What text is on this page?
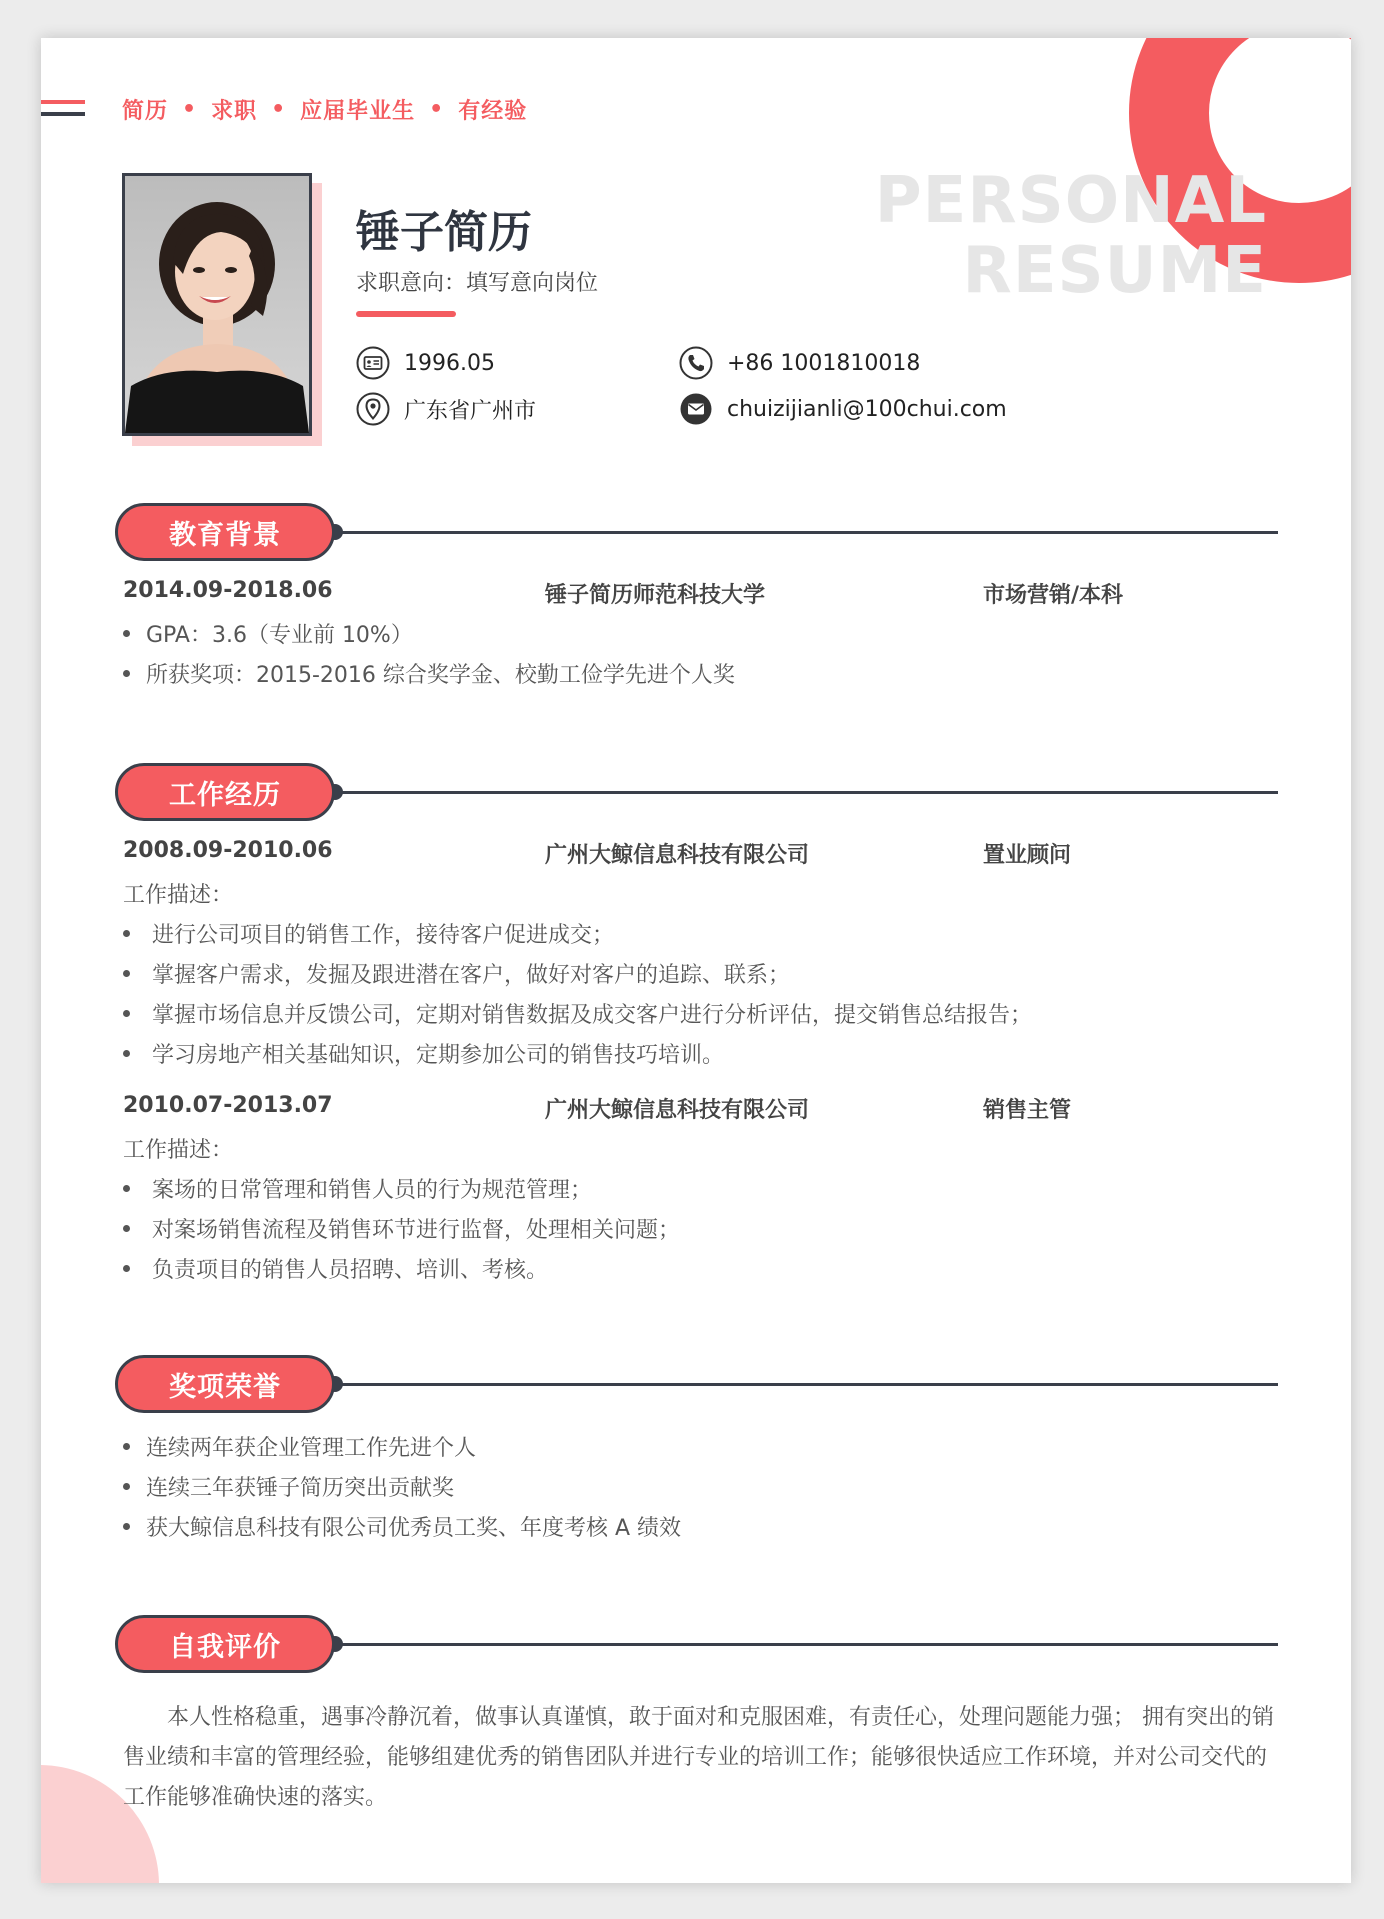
简历 • 求职 • 应届毕业生 • 有经验
PERSONAL
RESUME
锤子简历
求职意向：填写意向岗位
1996.05	+86 1001810018
广东省广州市	chuizijianli@100chui.com
教育背景
2014.09-2018.06	锤子简历师范科技大学	市场营销/本科
GPA：3.6（专业前 10%）
所获奖项：2015-2016 综合奖学金、校勤工俭学先进个人奖
工作经历
2008.09-2010.06	广州大鲸信息科技有限公司	置业顾问
工作描述：
进行公司项目的销售工作，接待客户促进成交；
掌握客户需求，发掘及跟进潜在客户，做好对客户的追踪、联系；
掌握市场信息并反馈公司，定期对销售数据及成交客户进行分析评估，提交销售总结报告；
学习房地产相关基础知识，定期参加公司的销售技巧培训。
2010.07-2013.07	广州大鲸信息科技有限公司	销售主管
工作描述：
案场的日常管理和销售人员的行为规范管理；
对案场销售流程及销售环节进行监督，处理相关问题；
负责项目的销售人员招聘、培训、考核。
奖项荣誉
连续两年获企业管理工作先进个人
连续三年获锤子简历突出贡献奖
获大鲸信息科技有限公司优秀员工奖、年度考核 A 绩效
自我评价
本人性格稳重，遇事冷静沉着，做事认真谨慎，敢于面对和克服困难，有责任心，处理问题能力强； 拥有突出的销售业绩和丰富的管理经验，能够组建优秀的销售团队并进行专业的培训工作；能够很快适应工作环境，并对公司交代的工作能够准确快速的落实。
